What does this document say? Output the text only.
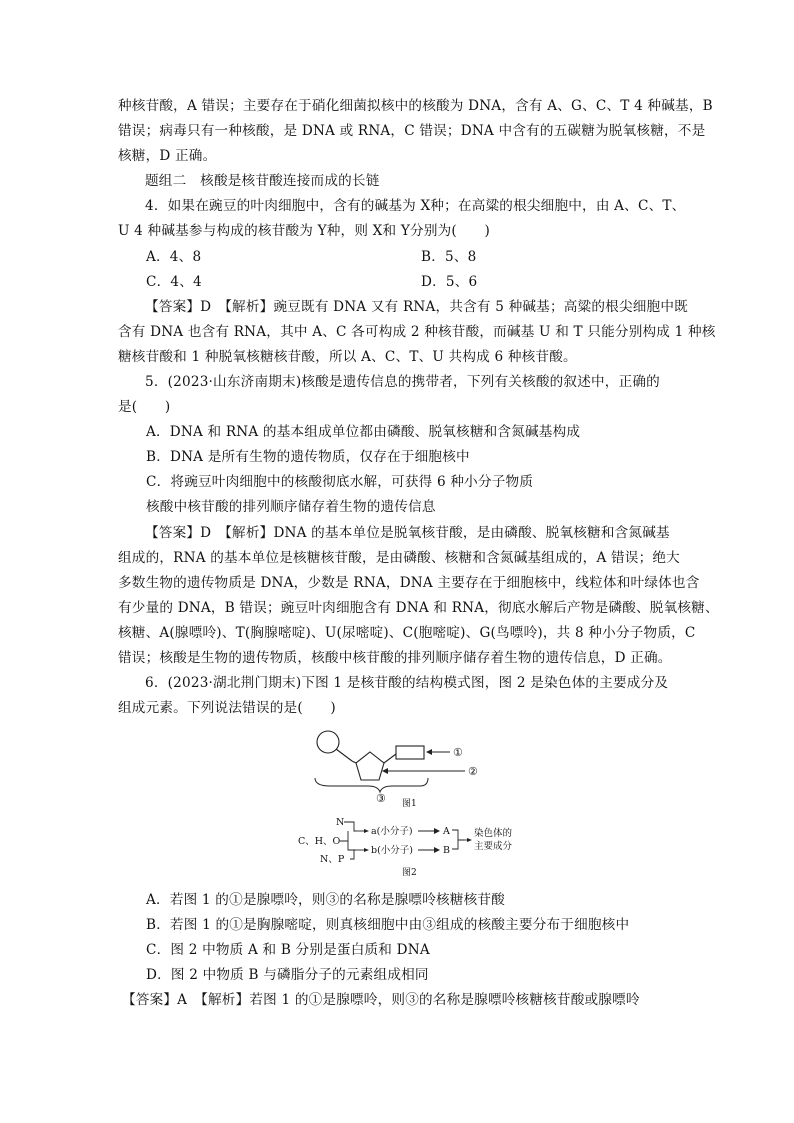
种核苷酸，A 错误；主要存在于硝化细菌拟核中的核酸为 DNA，含有 A、G、C、T 4 种碱基，B
错误；病毒只有一种核酸，是 DNA 或 RNA，C 错误；DNA 中含有的五碳糖为脱氧核糖，不是
核糖，D 正确。
题组二　核酸是核苷酸连接而成的长链
4．如果在豌豆的叶肉细胞中，含有的碱基为 X种；在高粱的根尖细胞中，由 A、C、T、
U 4 种碱基参与构成的核苷酸为 Y种，则 X和 Y分别为(　　)
A．4、8	B．5、8
C．4、4	D．5、6
【答案】D　【解析】豌豆既有 DNA 又有 RNA，共含有 5 种碱基；高粱的根尖细胞中既
含有 DNA 也含有 RNA，其中 A、C 各可构成 2 种核苷酸，而碱基 U 和 T 只能分别构成 1 种核
糖核苷酸和 1 种脱氧核糖核苷酸，所以 A、C、T、U 共构成 6 种核苷酸。
5．(2023·山东济南期末)核酸是遗传信息的携带者，下列有关核酸的叙述中，正确的
是(　　)
A．DNA 和 RNA 的基本组成单位都由磷酸、脱氧核糖和含氮碱基构成
B．DNA 是所有生物的遗传物质，仅存在于细胞核中
C．将豌豆叶肉细胞中的核酸彻底水解，可获得 6 种小分子物质
核酸中核苷酸的排列顺序储存着生物的遗传信息
【答案】D　【解析】DNA 的基本单位是脱氧核苷酸，是由磷酸、脱氧核糖和含氮碱基
组成的，RNA 的基本单位是核糖核苷酸，是由磷酸、核糖和含氮碱基组成的，A 错误；绝大
多数生物的遗传物质是 DNA，少数是 RNA，DNA 主要存在于细胞核中，线粒体和叶绿体也含
有少量的 DNA，B 错误；豌豆叶肉细胞含有 DNA 和 RNA，彻底水解后产物是磷酸、脱氧核糖、
核糖、A(腺嘌呤)、T(胸腺嘧啶)、U(尿嘧啶)、C(胞嘧啶)、G(鸟嘌呤)，共 8 种小分子物质，C
错误；核酸是生物的遗传物质，核酸中核苷酸的排列顺序储存着生物的遗传信息，D 正确。
6．(2023·湖北荆门期末)下图 1 是核苷酸的结构模式图，图 2 是染色体的主要成分及
组成元素。下列说法错误的是(　　)
①
②
③ 图1
N
C、H、O
N、P
a(小分子)
b(小分子)
A
B
染色体的
主要成分
图2
A．若图 1 的①是腺嘌呤，则③的名称是腺嘌呤核糖核苷酸
B．若图 1 的①是胸腺嘧啶，则真核细胞中由③组成的核酸主要分布于细胞核中
C．图 2 中物质 A 和 B 分别是蛋白质和 DNA
D．图 2 中物质 B 与磷脂分子的元素组成相同
【答案】A　【解析】若图 1 的①是腺嘌呤，则③的名称是腺嘌呤核糖核苷酸或腺嘌呤
